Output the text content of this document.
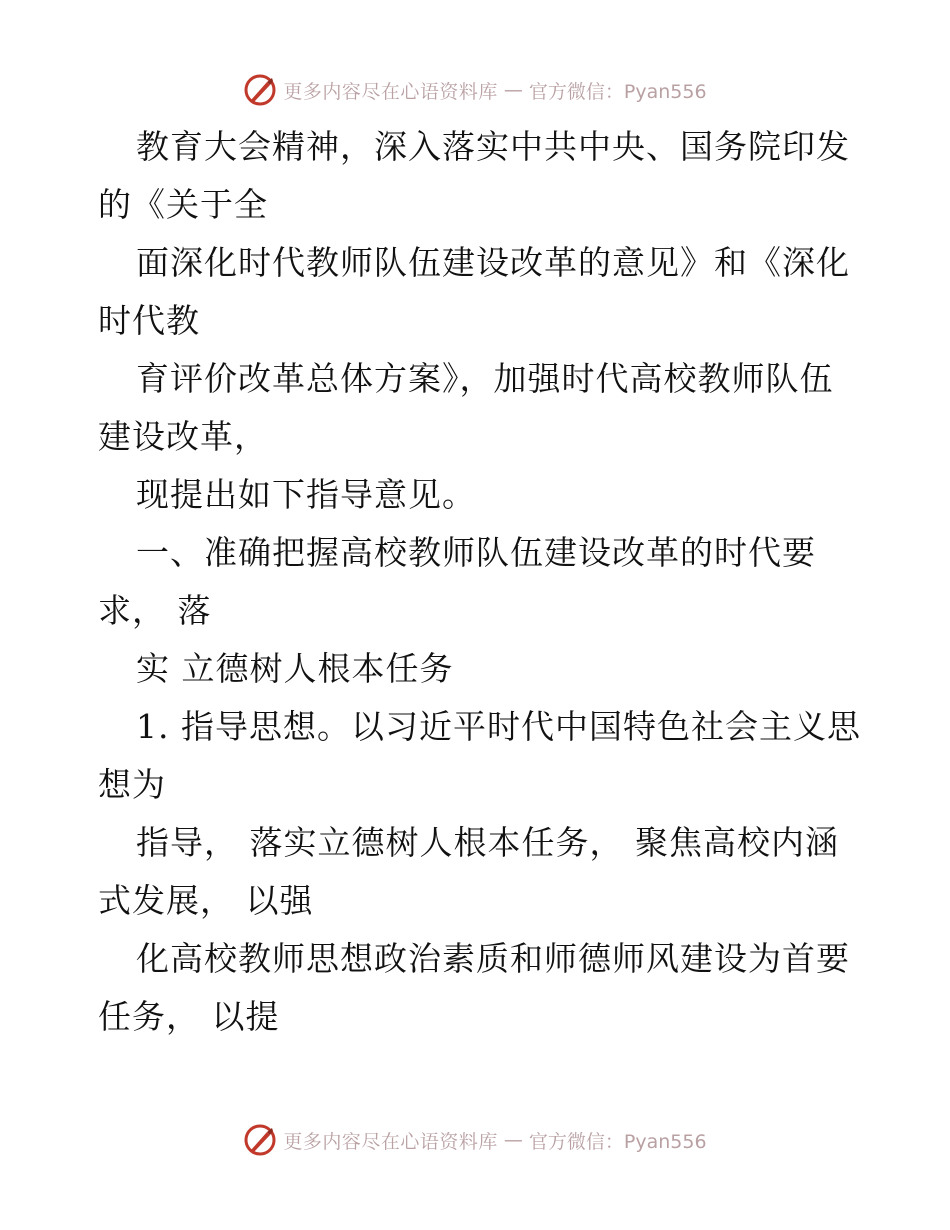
更多内容尽在心语资料库 — 官方微信：Pyan556
教育大会精神，深入落实中共中央、国务院印发
的《关于全
面深化时代教师队伍建设改革的意见》和《深化
时代教
育评价改革总体方案》，加强时代高校教师队伍
建设改革，
现提出如下指导意见。
一、准确把握高校教师队伍建设改革的时代要
求， 落
实 立德树人根本任务
1. 指导思想。以习近平时代中国特色社会主义思
想为
指导， 落实立德树人根本任务， 聚焦高校内涵
式发展， 以强
化高校教师思想政治素质和师德师风建设为首要
任务， 以提
更多内容尽在心语资料库 — 官方微信：Pyan556
